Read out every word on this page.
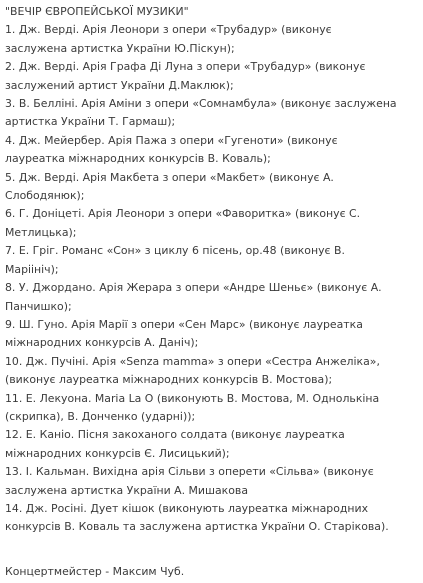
"ВЕЧІР ЄВРОПЕЙСЬКОЇ МУЗИКИ"
1. Дж. Верді. Арія Леонори з опери «Трубадур» (виконує
заслужена артистка України Ю.Піскун);
2. Дж. Верді. Арія Графа Ді Луна з опери «Трубадур» (виконує
заслужений артист України Д.Маклюк);
3. В. Белліні. Арія Аміни з опери «Сомнамбула» (виконує заслужена
артистка України Т. Гармаш);
4. Дж. Мейербер. Арія Пажа з опери «Гугеноти» (виконує
лауреатка міжнародних конкурсів В. Коваль);
5. Дж. Верді. Арія Макбета з опери «Макбет» (виконує А.
Слободянюк);
6. Г. Доніцеті. Арія Леонори з опери «Фаворитка» (виконує С.
Метлицька);
7. Е. Гріг. Романс «Сон» з циклу 6 пісень, ор.48 (виконує В.
Маріініч);
8. У. Джордано. Арія Жерара з опери «Андре Шеньє» (виконує А.
Панчишко);
9. Ш. Гуно. Арія Марії з опери «Сен Марс» (виконує лауреатка
міжнародних конкурсів А. Даніч);
10. Дж. Пучіні. Арія «Senza mamma» з опери «Сестра Анжеліка»,
(виконує лауреатка міжнародних конкурсів В. Мостова);
11. Е. Лекуона. Maria La O (виконують В. Мостова, М. Однолькіна
(скрипка), В. Донченко (ударні));
12. Е. Каніо. Пісня закоханого солдата (виконує лауреатка
міжнародних конкурсів Є. Лисицький);
13. І. Кальман. Вихідна арія Сільви з оперети «Сільва» (виконує
заслужена артистка України А. Мишакова
14. Дж. Росіні. Дует кішок (виконують лауреатка міжнародних
конкурсів В. Коваль та заслужена артистка України О. Старікова).
Концертмейстер - Максим Чуб.
